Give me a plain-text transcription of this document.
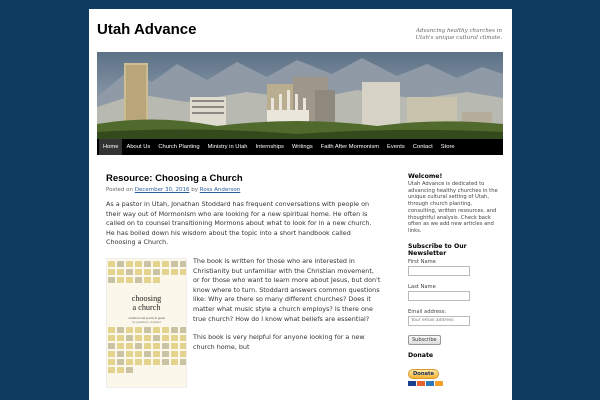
Utah Advance	Advancing healthy churches in Utah's unique cultural climate.
Home	About Us	Church Planting	Ministry in Utah	Internships	Writings	Faith After Mormonism	Events	Contact	Store
Resource: Choosing a Church
Posted on December 30, 2016 by Ross Anderson

As a pastor in Utah, Jonathan Stoddard has frequent conversations with people on their way out of Mormonism who are looking for a new spiritual home. He often is called on to counsel transitioning Mormons about what to look for in a new church. He has boiled down his wisdom about the topic into a short handbook called Choosing a Church.

choosing
a church
a biblical and practical guide
by jonathan k. stoddard

The book is written for those who are interested in Christianity but unfamiliar with the Christian movement, or for those who want to learn more about Jesus, but don't know where to turn. Stoddard answers common questions like: Why are there so many different churches? Does it matter what music style a church employs? Is there one true church? How do I know what beliefs are essential?

This book is very helpful for anyone looking for a new church home, but

Welcome!
Utah Advance is dedicated to advancing healthy churches in the unique cultural setting of Utah, through church planting, consulting, written resources, and thoughtful analysis. Check back often as we add new articles and links.
Subscribe to Our Newsletter
First Name
Last Name
Email address:
Your email address Subscribe
Donate
Donate
